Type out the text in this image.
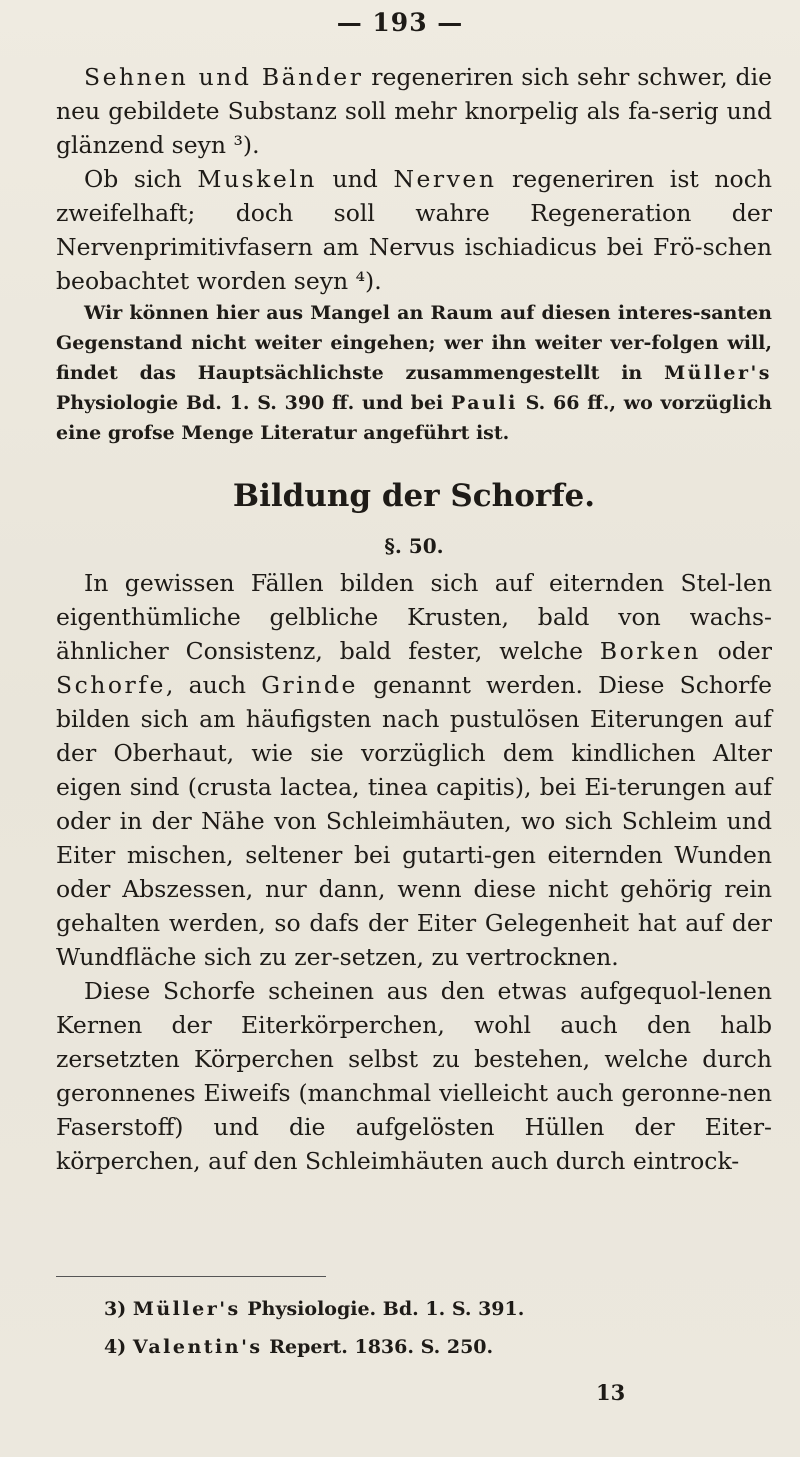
— 193 —

Sehnen und Bänder regeneriren sich sehr schwer, die neu gebildete Substanz soll mehr knorpelig als fa-serig und glänzend seyn ³).

Ob sich Muskeln und Nerven regeneriren ist noch zweifelhaft; doch soll wahre Regeneration der Nervenprimitivfasern am Nervus ischiadicus bei Frö-schen beobachtet worden seyn ⁴).

Wir können hier aus Mangel an Raum auf diesen interes-santen Gegenstand nicht weiter eingehen; wer ihn weiter ver-folgen will, findet das Hauptsächlichste zusammengestellt in Müller's Physiologie Bd. 1. S. 390 ff. und bei Pauli S. 66 ff., wo vorzüglich eine grofse Menge Literatur angeführt ist.

Bildung der Schorfe.
§. 50.

In gewissen Fällen bilden sich auf eiternden Stel-len eigenthümliche gelbliche Krusten, bald von wachs-ähnlicher Consistenz, bald fester, welche Borken oder Schorfe, auch Grinde genannt werden. Diese Schorfe bilden sich am häufigsten nach pustulösen Eiterungen auf der Oberhaut, wie sie vorzüglich dem kindlichen Alter eigen sind (crusta lactea, tinea capitis), bei Ei-terungen auf oder in der Nähe von Schleimhäuten, wo sich Schleim und Eiter mischen, seltener bei gutarti-gen eiternden Wunden oder Abszessen, nur dann, wenn diese nicht gehörig rein gehalten werden, so dafs der Eiter Gelegenheit hat auf der Wundfläche sich zu zer-setzen, zu vertrocknen.

Diese Schorfe scheinen aus den etwas aufgequol-lenen Kernen der Eiterkörperchen, wohl auch den halb zersetzten Körperchen selbst zu bestehen, welche durch geronnenes Eiweifs (manchmal vielleicht auch geronne-nen Faserstoff) und die aufgelösten Hüllen der Eiter-körperchen, auf den Schleimhäuten auch durch eintrock-

3) Müller's Physiologie. Bd. 1. S. 391.
4) Valentin's Repert. 1836. S. 250.
13
